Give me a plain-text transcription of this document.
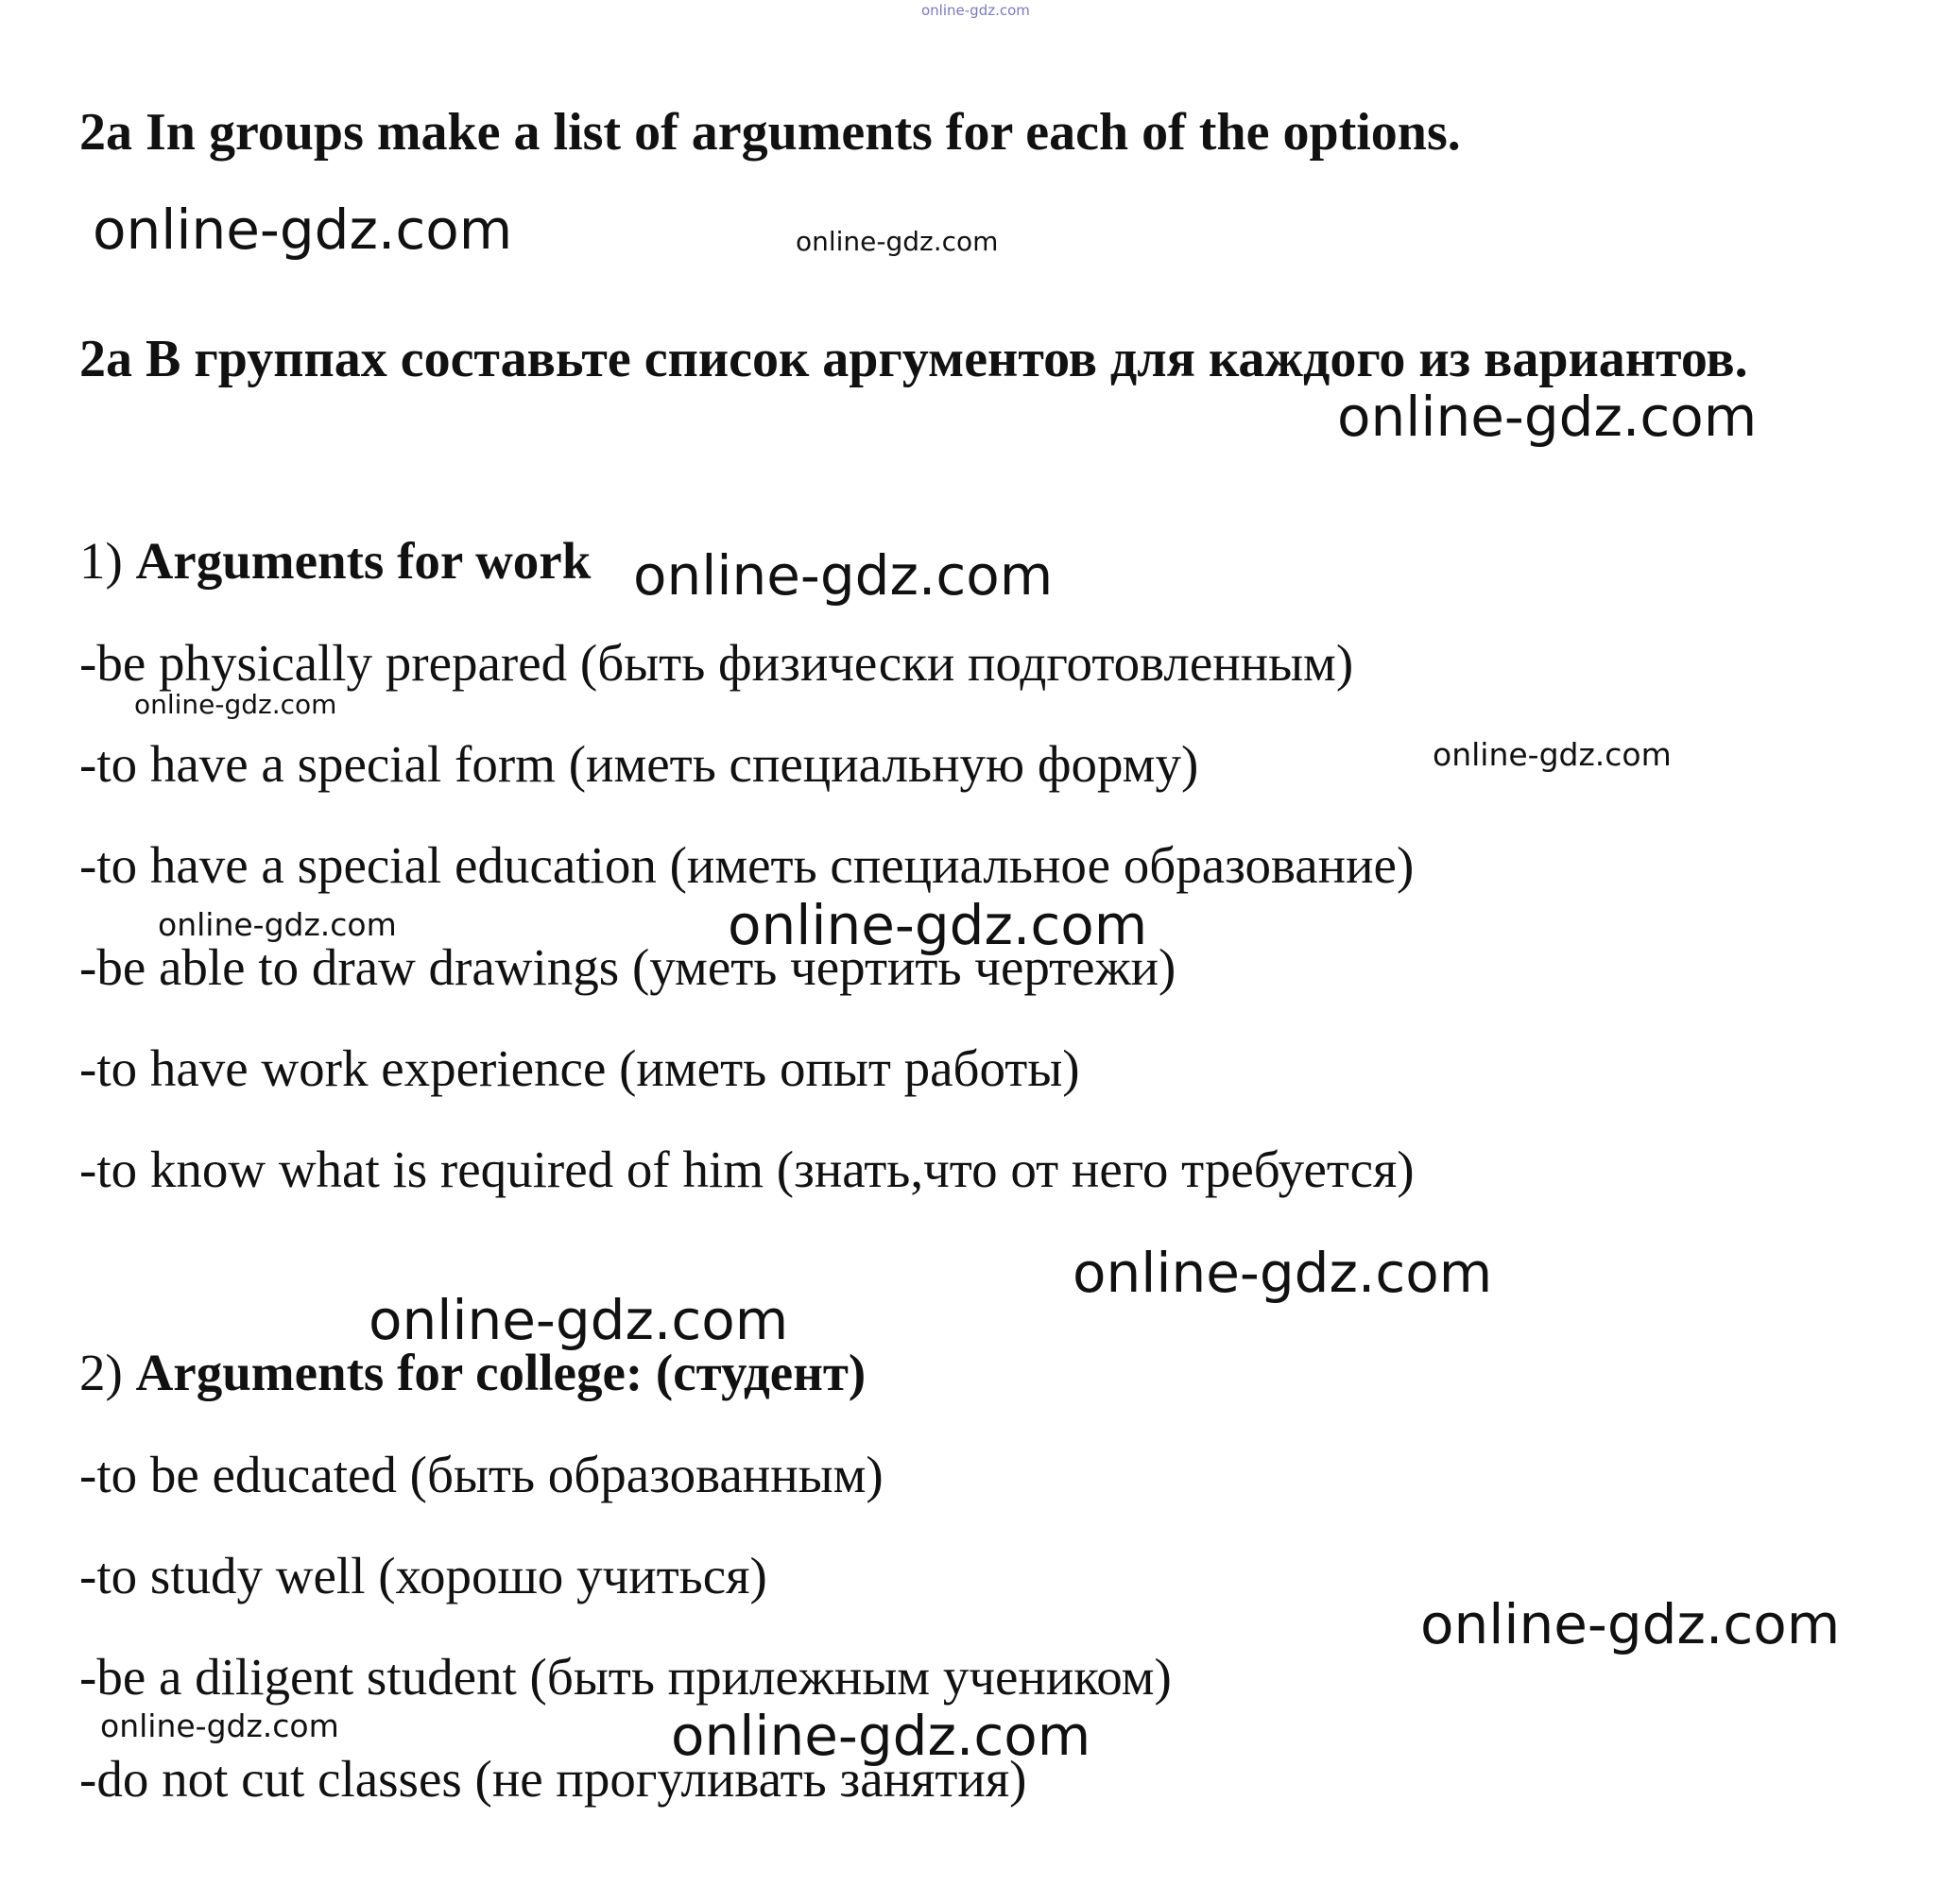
online-gdz.com
2a In groups make a list of arguments for each of the options.
2a В группах составьте список аргументов для каждого из вариантов.
1) Arguments for work
-be physically prepared (быть физически подготовленным)
-to have a special form (иметь специальную форму)
-to have a special education (иметь специальное образование)
-be able to draw drawings (уметь чертить чертежи)
-to have work experience (иметь опыт работы)
-to know what is required of him (знать,что от него требуется)
2) Arguments for college: (студент)
-to be educated (быть образованным)
-to study well (хорошо учиться)
-be a diligent student (быть прилежным учеником)
-do not cut classes (не прогуливать занятия)
online-gdz.com	online-gdz.com
online-gdz.com
online-gdz.com
online-gdz.com
online-gdz.com
online-gdz.com	online-gdz.com
online-gdz.com
online-gdz.com
online-gdz.com
online-gdz.com	online-gdz.com
